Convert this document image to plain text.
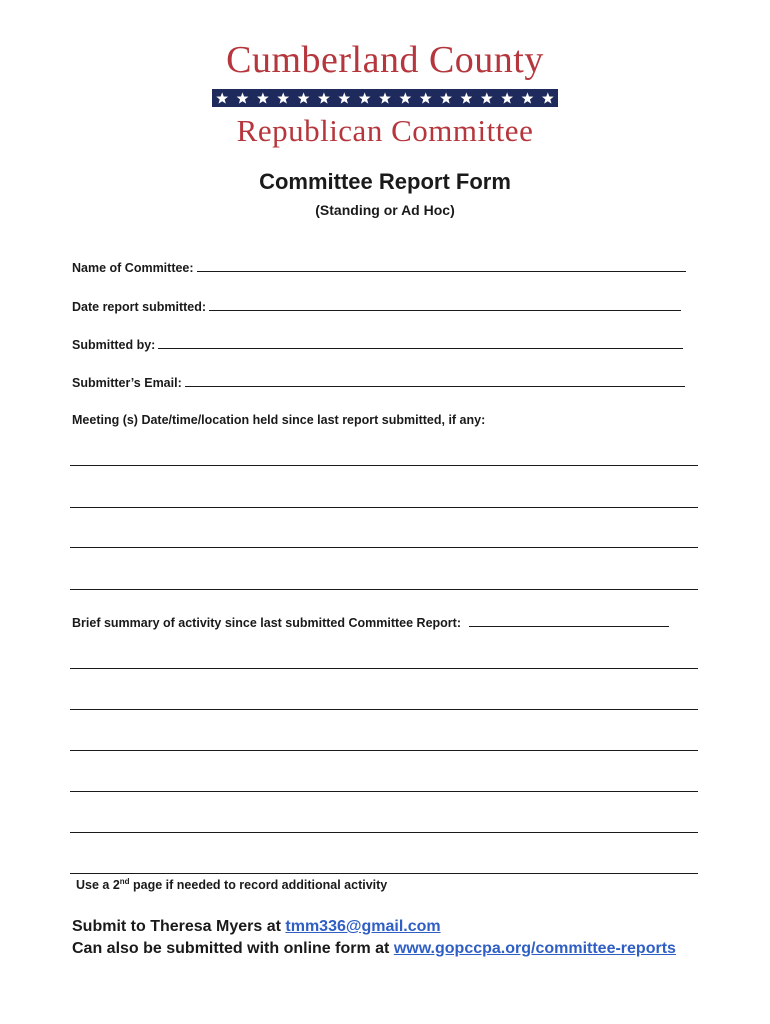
Cumberland County
Republican Committee
Committee Report Form
(Standing or Ad Hoc)
Name of Committee:
Date report submitted:
Submitted by:
Submitter’s Email:
Meeting (s) Date/time/location held since last report submitted, if any:
Brief summary of activity since last submitted Committee Report:
Use a 2nd page if needed to record additional activity
Submit to Theresa Myers at tmm336@gmail.com
Can also be submitted with online form at www.gopccpa.org/committee-reports
